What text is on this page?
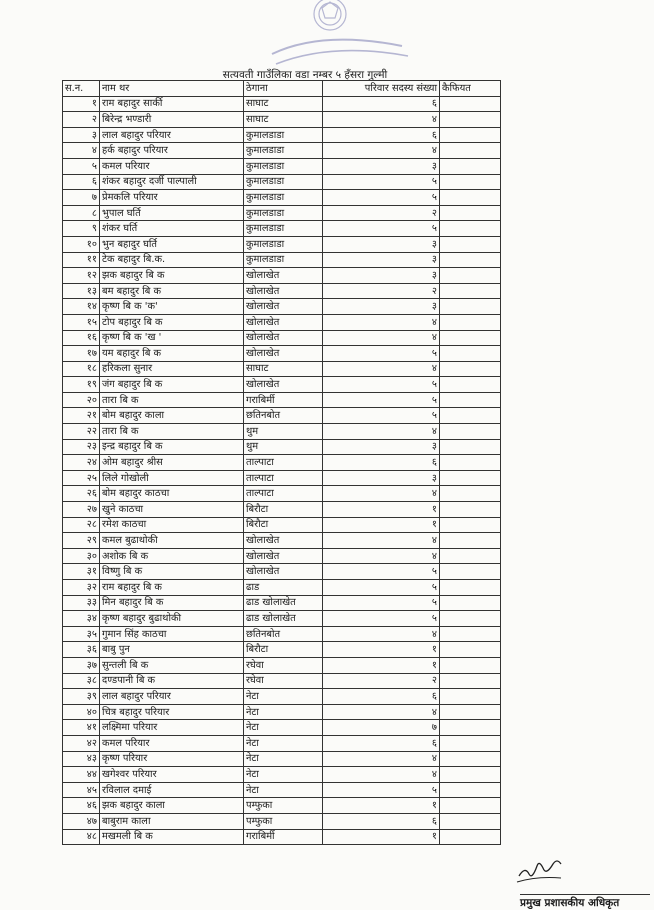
सत्यवती गाउँलिका वडा नम्बर ५ हँसरा गुल्मी
स.न.	नाम थर	ठेगाना	परिवार सदस्य संख्या	कैफियत
१	राम बहादुर सार्की	साघाट	६	
२	बिरेन्द्र भण्डारी	साघाट	४	
३	लाल बहादुर परियार	कुमालडाडा	६	
४	हर्क बहादुर परियार	कुमालडाडा	४	
५	कमल परियार	कुमालडाडा	३	
६	शंकर बहादुर दर्जी पाल्पाली	कुमालडाडा	५	
७	प्रेमकलि परियार	कुमालडाडा	५	
८	भुपाल घर्ति	कुमालडाडा	२	
९	शंकर घर्ति	कुमालडाडा	५	
१०	भुन बहादुर घर्ति	कुमालडाडा	३	
११	टेक बहादुर बि.क.	कुमालडाडा	३	
१२	झक बहादुर बि क	खोलाखेत	३	
१३	बम बहादुर बि क	खोलाखेत	२	
१४	कृष्ण बि क 'क'	खोलाखेत	३	
१५	टोप बहादुर बि क	खोलाखेत	४	
१६	कृष्ण बि क 'ख '	खोलाखेत	४	
१७	यम बहादुर बि क	खोलाखेत	५	
१८	हरिकला सुनार	साघाट	४	
१९	जंग बहादुर बि क	खोलाखेत	५	
२०	तारा बि क	गराबिर्मी	५	
२१	बोम बहादुर काला	छतिनबोत	५	
२२	तारा बि क	थुम	४	
२३	इन्द्र बहादुर बि क	थुम	३	
२४	ओम बहादुर श्रीस	ताल्पाटा	६	
२५	लिले गोखोली	ताल्पाटा	३	
२६	बोम बहादुर काठचा	ताल्पाटा	४	
२७	खुने काठचा	बिरौटा	१	
२८	रमेश काठचा	बिरौटा	१	
२९	कमल बुढाथोकी	खोलाखेत	४	
३०	अशोक बि क	खोलाखेत	४	
३१	विष्णु बि क	खोलाखेत	५	
३२	राम बहादुर बि क	ढाड	५	
३३	मिन बहादुर बि क	ढाड खोलाखेत	५	
३४	कृष्ण बहादुर बुढाथोकी	ढाड खोलाखेत	५	
३५	गुमान सिंह काठचा	छतिनबोत	४	
३६	बाबु पुन	बिरौटा	१	
३७	सुन्तली बि क	रघेवा	१	
३८	दण्डपानी बि क	रघेवा	२	
३९	लाल बहादुर परियार	नेटा	६	
४०	चित्र बहादुर परियार	नेटा	४	
४१	लक्ष्मिमा परियार	नेटा	७	
४२	कमल परियार	नेटा	६	
४३	कृष्ण परियार	नेटा	४	
४४	खगेश्वर परियार	नेटा	४	
४५	रविलाल दमाई	नेटा	५	
४६	झक बहादुर काला	पम्फुका	१	
४७	बाबुराम काला	पम्फुका	६	
४८	मखमली बि क	गराबिर्मी	१	
प्रमुख प्रशासकीय अधिकृत
